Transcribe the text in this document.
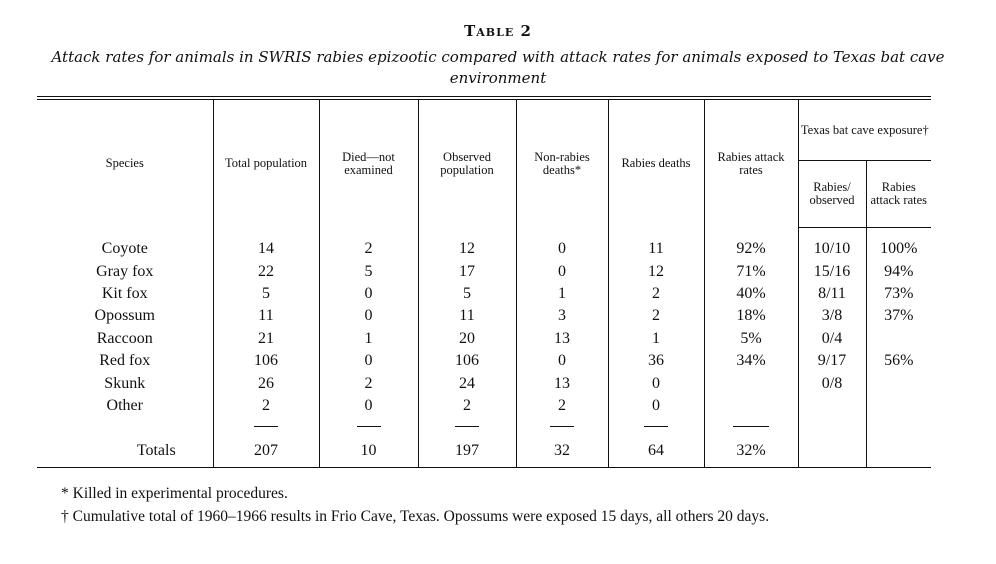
Table 2
Attack rates for animals in SWRIS rabies epizootic compared with attack rates for animals exposed to Texas bat cave environment
Species	Total population	Died—not examined	Observed population	Non-rabies deaths*	Rabies deaths	Rabies attack rates	Texas bat cave exposure†	
							Rabies/ observed	Rabies attack rates
Coyote	14	2	12	0	11	92%	10/10	100%
Gray fox	22	5	17	0	12	71%	15/16	94%
Kit fox	5	0	5	1	2	40%	8/11	73%
Opossum	11	0	11	3	2	18%	3/8	37%
Raccoon	21	1	20	13	1	5%	0/4	
Red fox	106	0	106	0	36	34%	9/17	56%
Skunk	26	2	24	13	0		0/8	
Other	2	0	2	2	0			

Totals	207	10	197	32	64	32%		
* Killed in experimental procedures.
† Cumulative total of 1960–1966 results in Frio Cave, Texas. Opossums were exposed 15 days, all others 20 days.
